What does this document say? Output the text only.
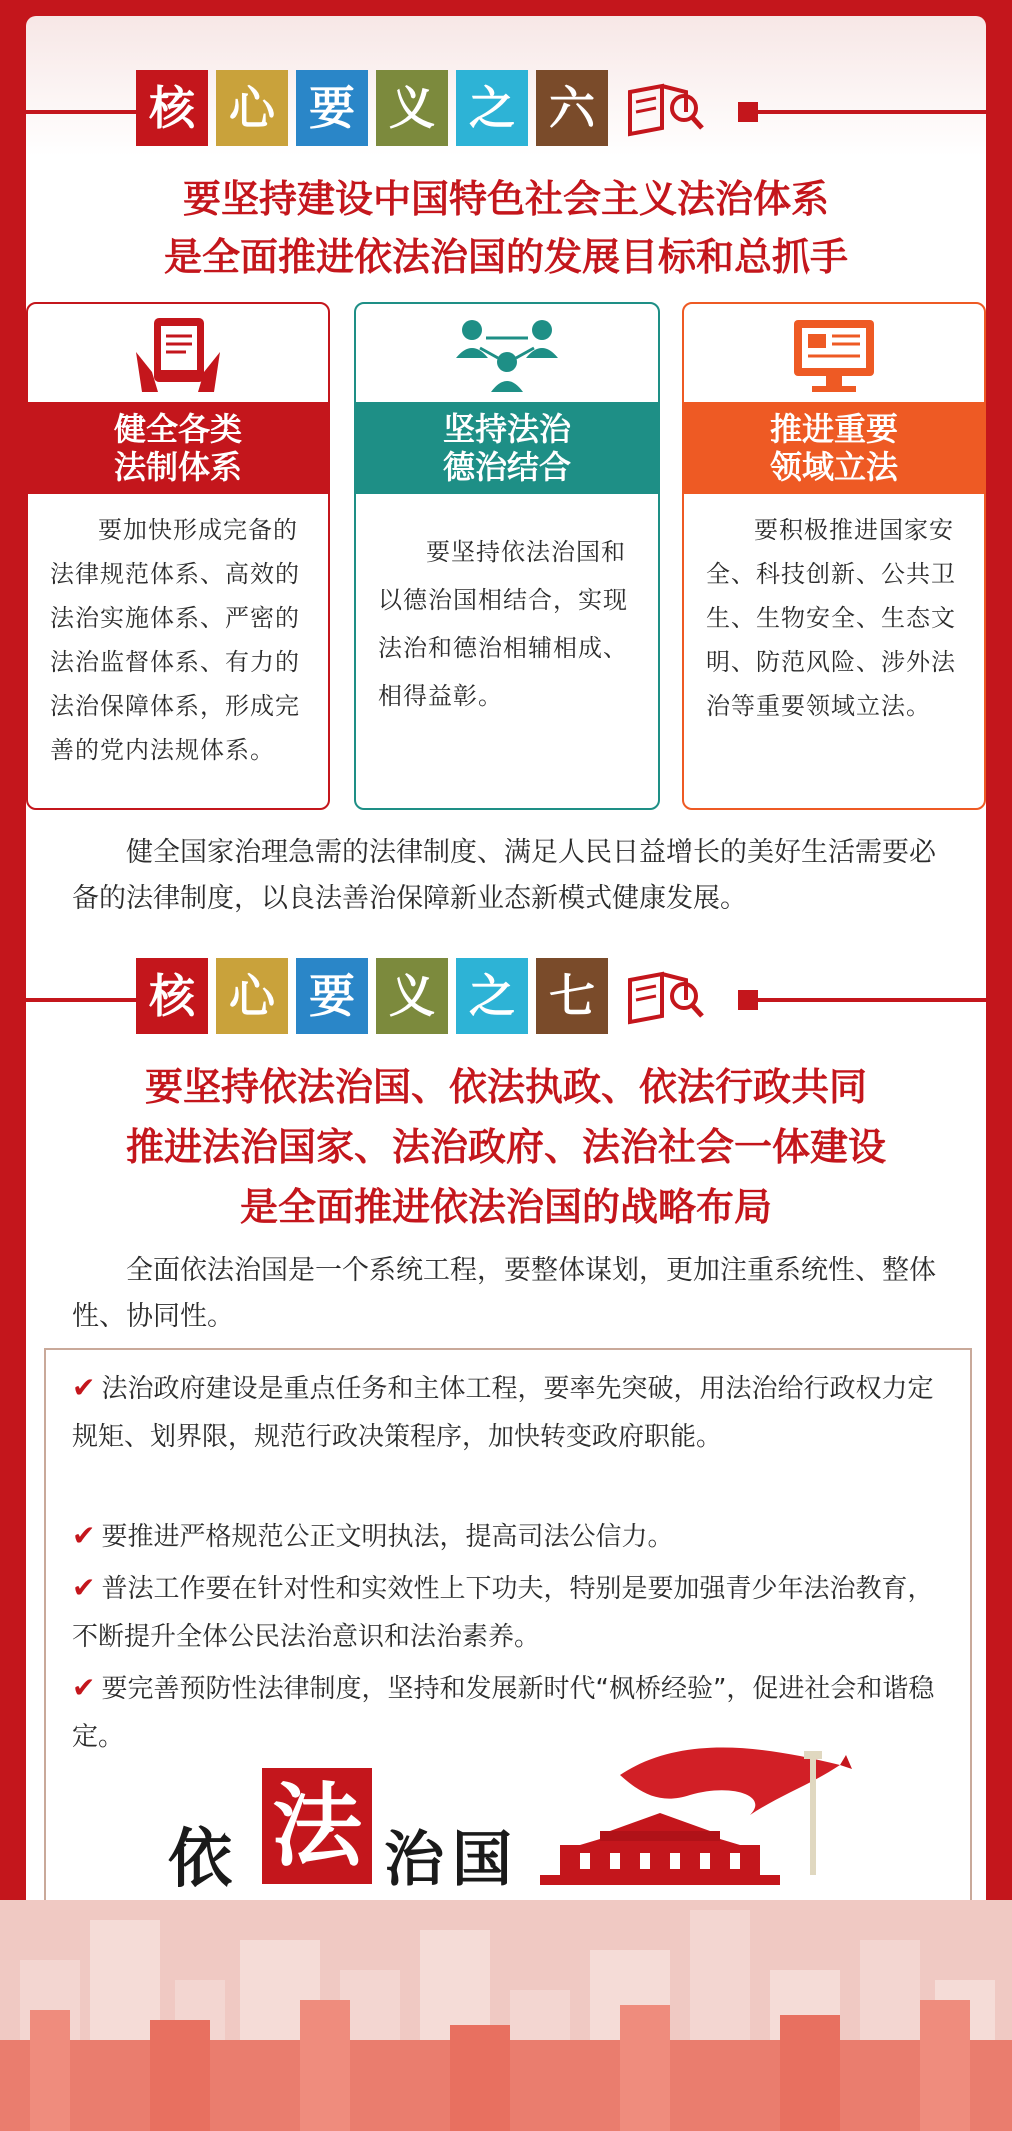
核 心 要 义 之 六

要坚持建设中国特色社会主义法治体系

是全面推进依法治国的发展目标和总抓手

健全各类
法制体系
要加快形成完备的法律规范体系、高效的法治实施体系、严密的法治监督体系、有力的法治保障体系，形成完善的党内法规体系。
坚持法治
德治结合
要坚持依法治国和以德治国相结合，实现法治和德治相辅相成、相得益彰。
推进重要
领域立法
要积极推进国家安全、科技创新、公共卫生、生物安全、生态文明、防范风险、涉外法治等重要领域立法。
健全国家治理急需的法律制度、满足人民日益增长的美好生活需要必备的法律制度，以良法善治保障新业态新模式健康发展。
核 心 要 义 之 七

要坚持依法治国、依法执政、依法行政共同

推进法治国家、法治政府、法治社会一体建设

是全面推进依法治国的战略布局

全面依法治国是一个系统工程，要整体谋划，更加注重系统性、整体性、协同性。
✔ 法治政府建设是重点任务和主体工程，要率先突破，用法治给行政权力定规矩、划界限，规范行政决策程序，加快转变政府职能。
✔ 要推进严格规范公正文明执法，提高司法公信力。
✔ 普法工作要在针对性和实效性上下功夫，特别是要加强青少年法治教育，不断提升全体公民法治意识和法治素养。
✔ 要完善预防性法律制度，坚持和发展新时代“枫桥经验”，促进社会和谐稳定。
依 法 治 国
